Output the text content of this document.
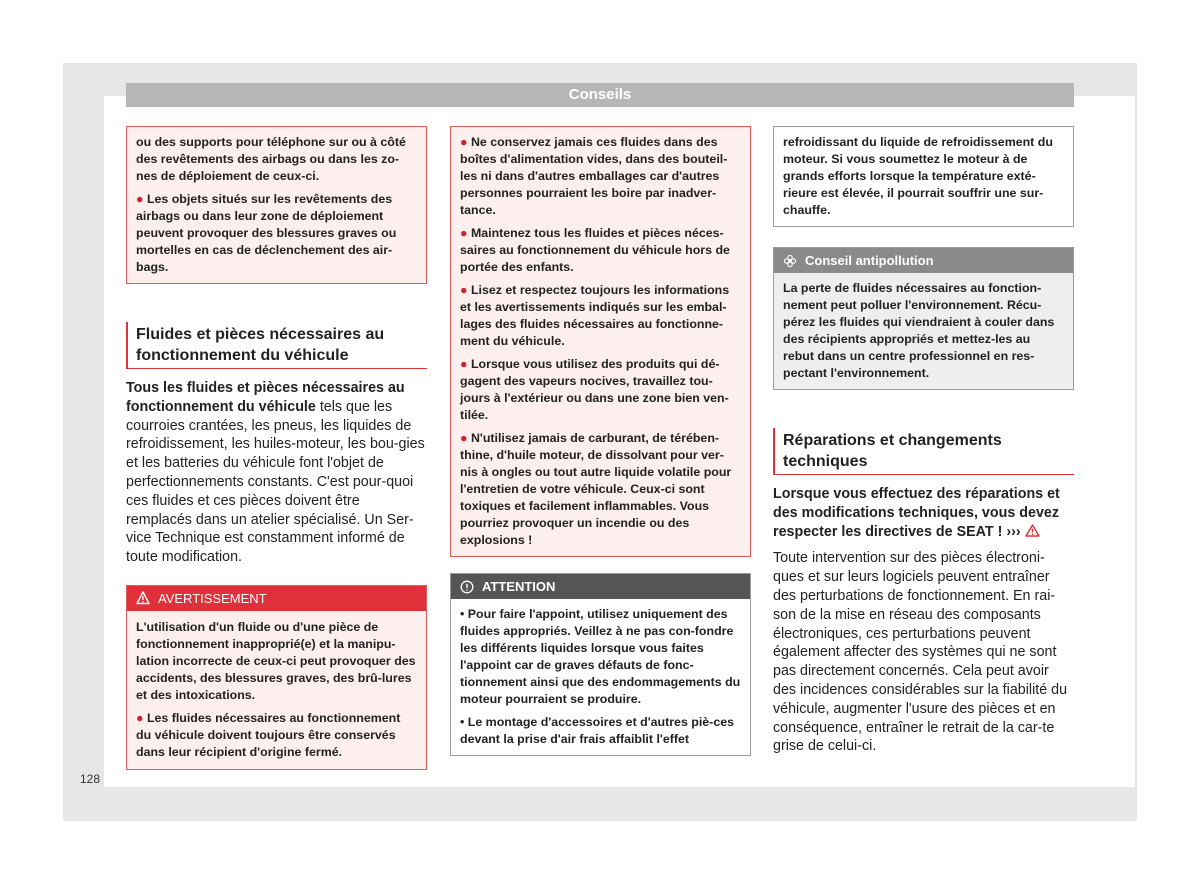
Conseils

ou des supports pour téléphone sur ou à côté des revêtements des airbags ou dans les zo-nes de déploiement de ceux-ci.

● Les objets situés sur les revêtements des airbags ou dans leur zone de déploiement peuvent provoquer des blessures graves ou mortelles en cas de déclenchement des air-bags.

Fluides et pièces nécessaires au fonctionnement du véhicule
Tous les fluides et pièces nécessaires au fonctionnement du véhicule tels que les courroies crantées, les pneus, les liquides de refroidissement, les huiles-moteur, les bou-gies et les batteries du véhicule font l'objet de perfectionnements constants. C'est pour-quoi ces fluides et ces pièces doivent être remplacés dans un atelier spécialisé. Un Ser-vice Technique est constamment informé de toute modification.
AVERTISSEMENT

L'utilisation d'un fluide ou d'une pièce de fonctionnement inapproprié(e) et la manipu-lation incorrecte de ceux-ci peut provoquer des accidents, des blessures graves, des brû-lures et des intoxications.

● Les fluides nécessaires au fonctionnement du véhicule doivent toujours être conservés dans leur récipient d'origine fermé.

● Ne conservez jamais ces fluides dans des boîtes d'alimentation vides, dans des bouteil-les ni dans d'autres emballages car d'autres personnes pourraient les boire par inadver-tance.

● Maintenez tous les fluides et pièces néces-saires au fonctionnement du véhicule hors de portée des enfants.

● Lisez et respectez toujours les informations et les avertissements indiqués sur les embal-lages des fluides nécessaires au fonctionne-ment du véhicule.

● Lorsque vous utilisez des produits qui dé-gagent des vapeurs nocives, travaillez tou-jours à l'extérieur ou dans une zone bien ven-tilée.

● N'utilisez jamais de carburant, de térében-thine, d'huile moteur, de dissolvant pour ver-nis à ongles ou tout autre liquide volatile pour l'entretien de votre véhicule. Ceux-ci sont toxiques et facilement inflammables. Vous pourriez provoquer un incendie ou des explosions !

ATTENTION

• Pour faire l'appoint, utilisez uniquement des fluides appropriés. Veillez à ne pas con-fondre les différents liquides lorsque vous faites l'appoint car de graves défauts de fonc-tionnement ainsi que des endommagements du moteur pourraient se produire.

• Le montage d'accessoires et d'autres piè-ces devant la prise d'air frais affaiblit l'effet

refroidissant du liquide de refroidissement du moteur. Si vous soumettez le moteur à de grands efforts lorsque la température exté-rieure est élevée, il pourrait souffrir une sur-chauffe.

Conseil antipollution

La perte de fluides nécessaires au fonction-nement peut polluer l'environnement. Récu-pérez les fluides qui viendraient à couler dans des récipients appropriés et mettez-les au rebut dans un centre professionnel en res-pectant l'environnement.

Réparations et changements techniques
Lorsque vous effectuez des réparations et des modifications techniques, vous devez respecter les directives de SEAT ! ›››
Toute intervention sur des pièces électroni-ques et sur leurs logiciels peuvent entraîner des perturbations de fonctionnement. En rai-son de la mise en réseau des composants électroniques, ces perturbations peuvent également affecter des systèmes qui ne sont pas directement concernés. Cela peut avoir des incidences considérables sur la fiabilité du véhicule, augmenter l'usure des pièces et en conséquence, entraîner le retrait de la car-te grise de celui-ci.
128
